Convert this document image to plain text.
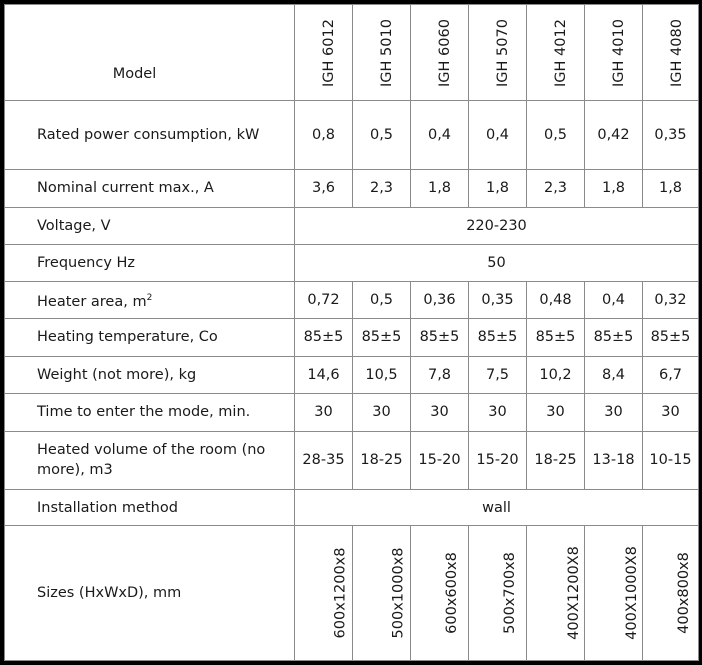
Model	IGH 6012	IGH 5010	IGH 6060	IGH 5070	IGH 4012	IGH 4010	IGH 4080
Rated power consumption, kW	0,8	0,5	0,4	0,4	0,5	0,42	0,35
Nominal current max., A	3,6	2,3	1,8	1,8	2,3	1,8	1,8
Voltage, V	220-230						
Frequency Hz	50						
Heater area, $m^2$	0,72	0,5	0,36	0,35	0,48	0,4	0,32
Heating temperature, Co	85±5	85±5	85±5	85±5	85±5	85±5	85±5
Weight (not more), kg	14,6	10,5	7,8	7,5	10,2	8,4	6,7
Time to enter the mode, min.	30	30	30	30	30	30	30
Heated volume of the room (no more), m3	28-35	18-25	15-20	15-20	18-25	13-18	10-15
Installation method	wall						
Sizes (HxWxD), mm	600x1200x8	500x1000x8	600x600x8	500x700x8	400X1200X8	400X1000X8	400x800x8
